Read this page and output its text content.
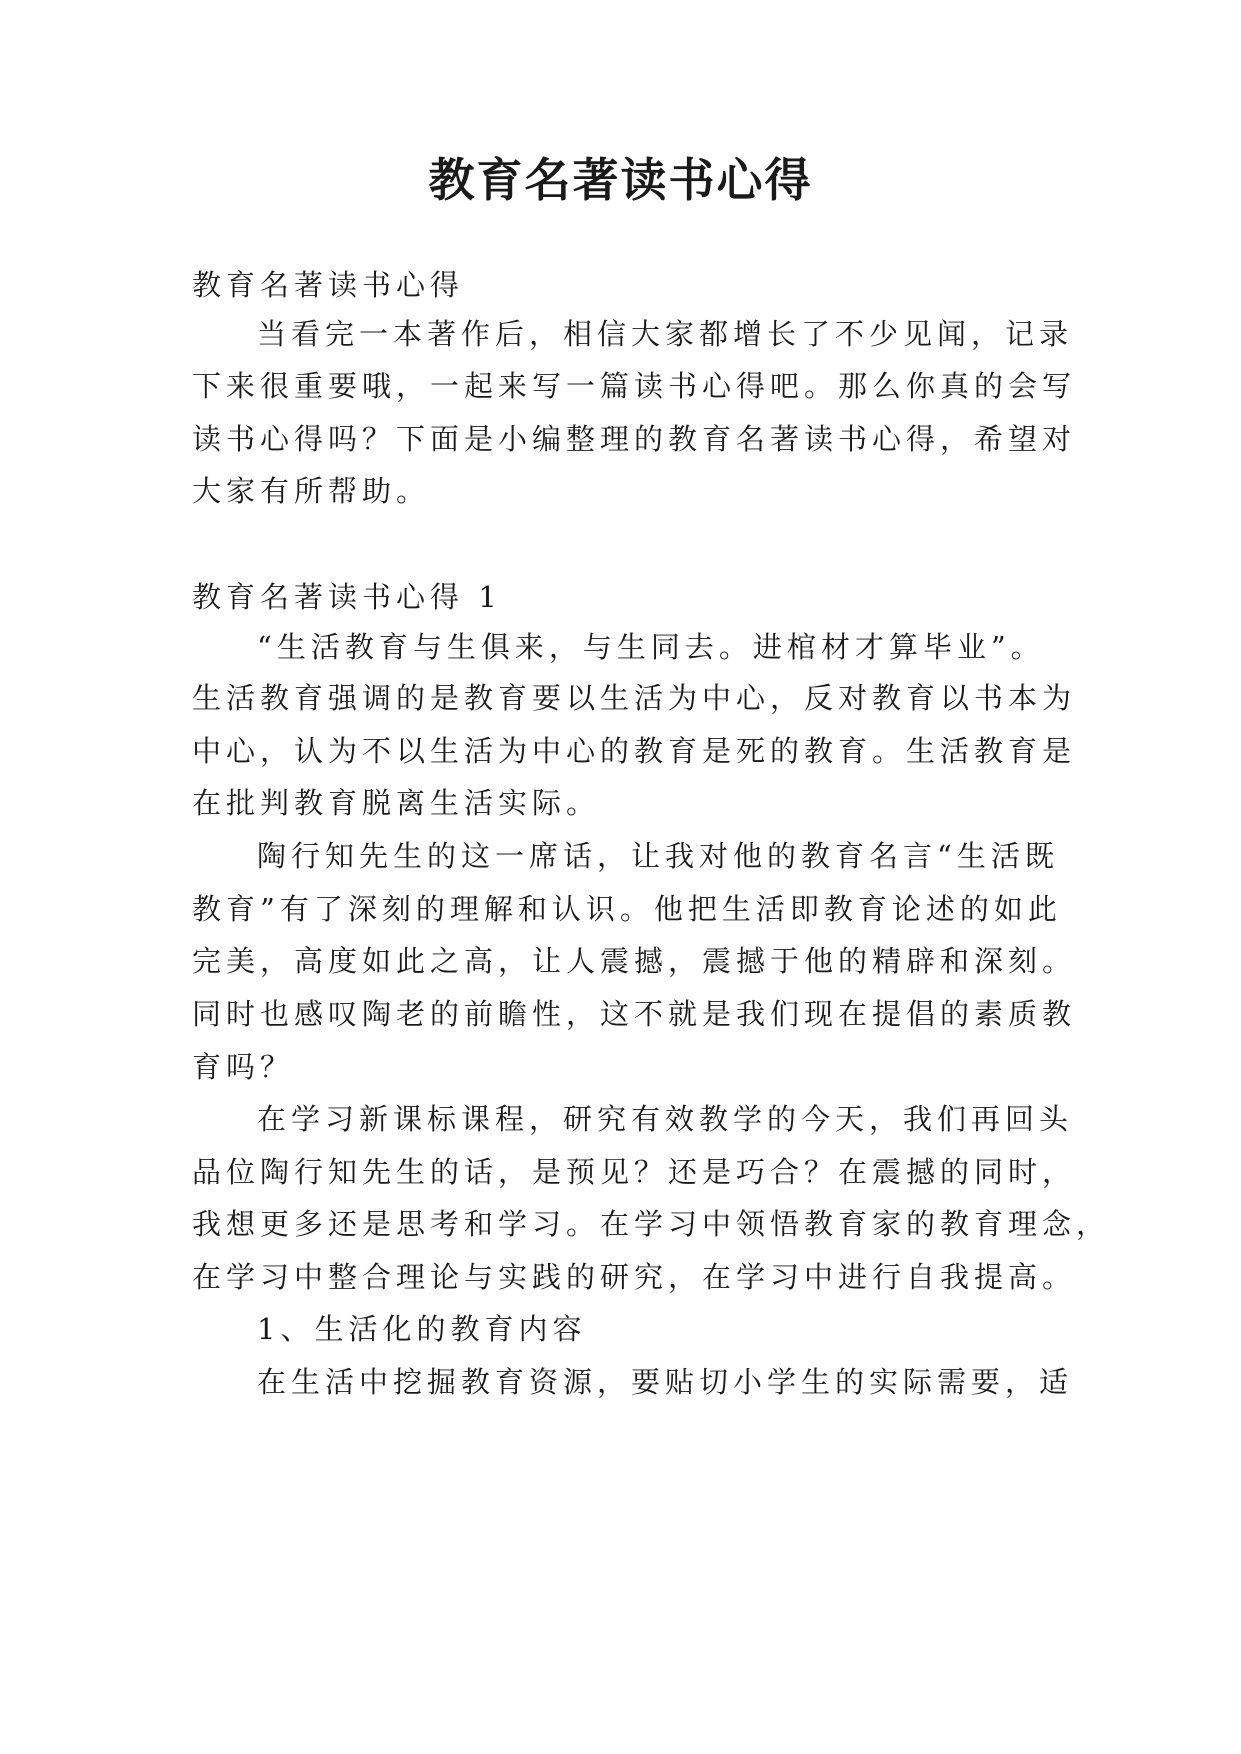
教育名著读书心得
教育名著读书心得
当看完一本著作后，相信大家都增长了不少见闻，记录
下来很重要哦，一起来写一篇读书心得吧。那么你真的会写
读书心得吗？下面是小编整理的教育名著读书心得，希望对
大家有所帮助。
教育名著读书心得 1
“生活教育与生俱来，与生同去。进棺材才算毕业”。
生活教育强调的是教育要以生活为中心，反对教育以书本为
中心，认为不以生活为中心的教育是死的教育。生活教育是
在批判教育脱离生活实际。
陶行知先生的这一席话，让我对他的教育名言“生活既
教育”有了深刻的理解和认识。他把生活即教育论述的如此
完美，高度如此之高，让人震撼，震撼于他的精辟和深刻。
同时也感叹陶老的前瞻性，这不就是我们现在提倡的素质教
育吗？
在学习新课标课程，研究有效教学的今天，我们再回头
品位陶行知先生的话，是预见？还是巧合？在震撼的同时，
我想更多还是思考和学习。在学习中领悟教育家的教育理念，
在学习中整合理论与实践的研究，在学习中进行自我提高。
1、生活化的教育内容
在生活中挖掘教育资源，要贴切小学生的实际需要，适
